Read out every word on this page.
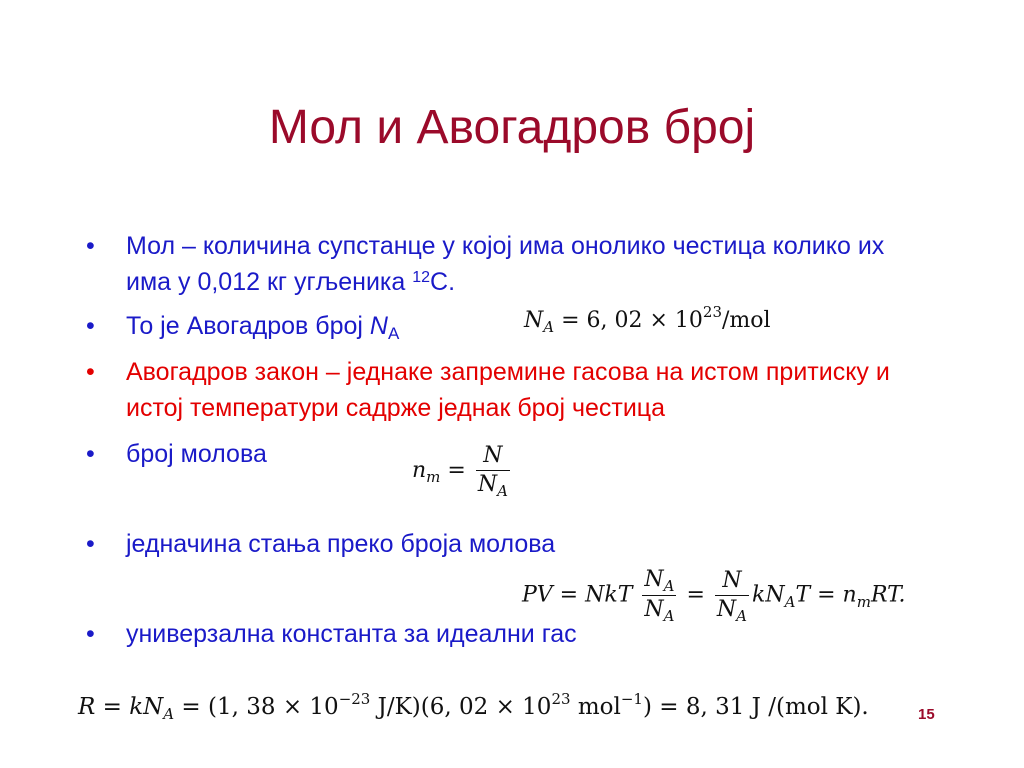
Мол и Авогадров број
• Мол – количина супстанце у којој има онолико честица колико их има у 0,012 кг угљеника $^{12}$C.
• То је Авогадров број $N_A$
• Авогадров закон – једнаке запремине гасова на истом притиску и истој температури садрже једнак број честица
• број молова
• једначина стања преко броја молова
• универзална константа за идеални гас
$N_A = 6$, $02 \times 10^{23}$/mol
$n_m = \frac{N}{N_A}$
PV = NkT $\frac{N_A}{N_A} = \frac{N}{N_A} kN_AT = n_mRT$.
$R = kN_A = (1$, $38 \times 10^{-23}$ J/K)(6, $02 \times 10^{23}$ mol$^{-1}$) = 8, 31 J /(mol K).	15
